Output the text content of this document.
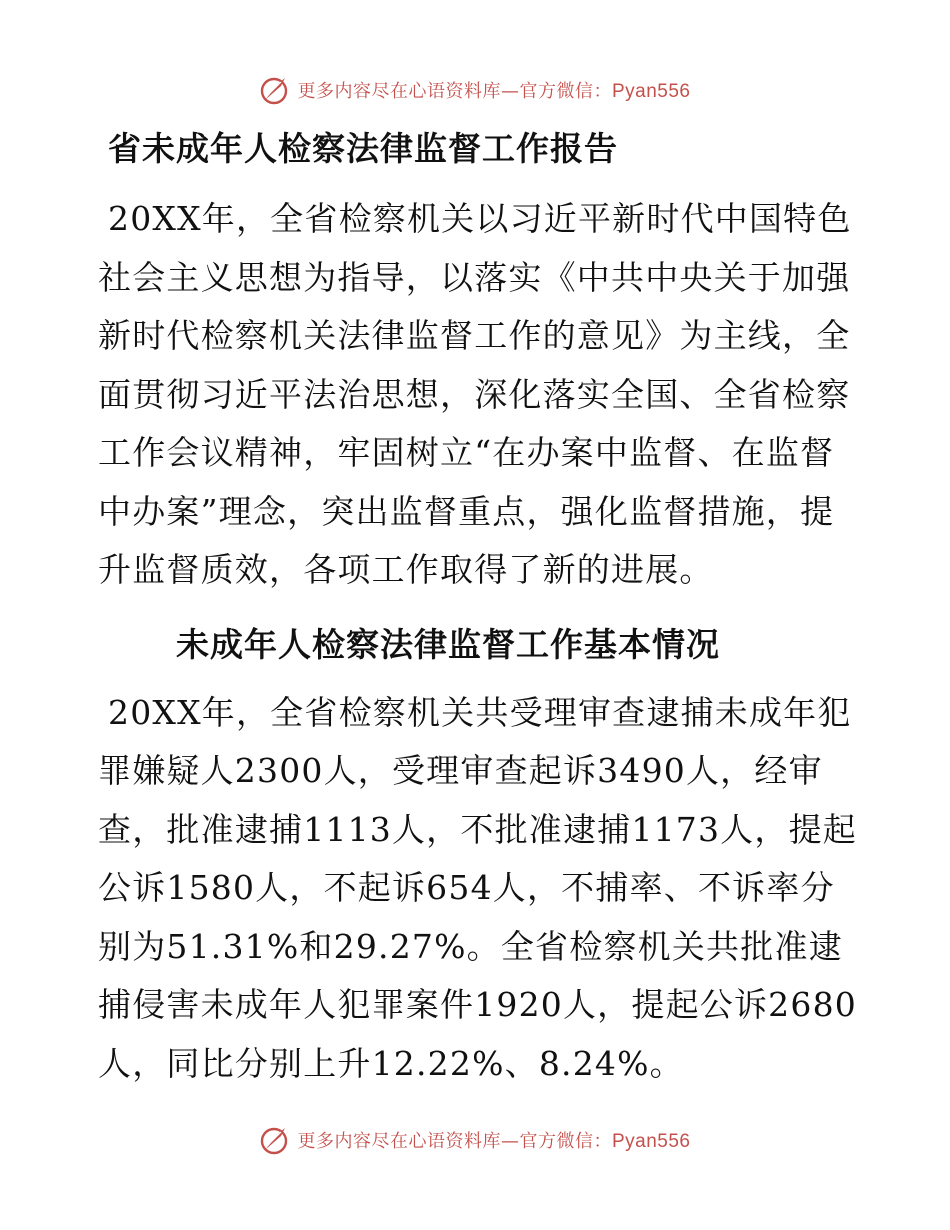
更多内容尽在心语资料库—官方微信：Pyan556
省未成年人检察法律监督工作报告

20XX年，全省检察机关以习近平新时代中国特色社会主义思想为指导，以落实《中共中央关于加强新时代检察机关法律监督工作的意见》为主线，全面贯彻习近平法治思想，深化落实全国、全省检察工作会议精神，牢固树立“在办案中监督、在监督中办案”理念，突出监督重点，强化监督措施，提升监督质效，各项工作取得了新的进展。

未成年人检察法律监督工作基本情况

20XX年，全省检察机关共受理审查逮捕未成年犯罪嫌疑人2300人，受理审查起诉3490人，经审查，批准逮捕1113人，不批准逮捕1173人，提起公诉1580人，不起诉654人，不捕率、不诉率分别为51.31%和29.27%。全省检察机关共批准逮捕侵害未成年人犯罪案件1920人，提起公诉2680人，同比分别上升12.22%、8.24%。

更多内容尽在心语资料库—官方微信：Pyan556
